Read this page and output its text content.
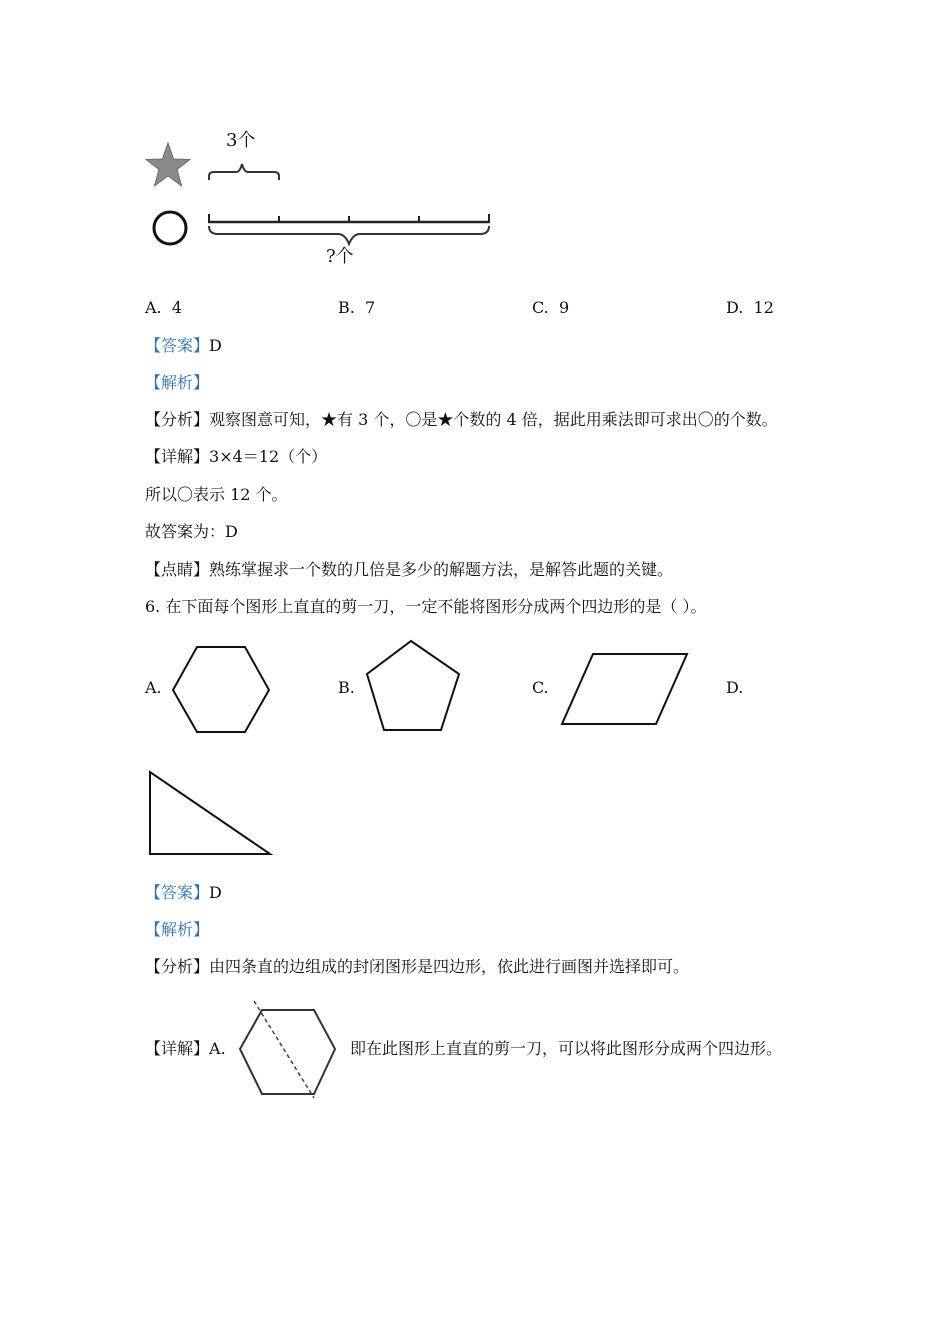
3个
?个
A. 4	B. 7	C. 9	D. 12
【答案】D
【解析】
【分析】观察图意可知，★有 3 个，〇是★个数的 4 倍，据此用乘法即可求出〇的个数。
【详解】3×4＝12（个）
所以〇表示 12 个。
故答案为：D
【点睛】熟练掌握求一个数的几倍是多少的解题方法，是解答此题的关键。
6. 在下面每个图形上直直的剪一刀，一定不能将图形分成两个四边形的是（ ）。
A.	B.	C.	D.
【答案】D
【解析】
【分析】由四条直的边组成的封闭图形是四边形，依此进行画图并选择即可。
【详解】A.	即在此图形上直直的剪一刀，可以将此图形分成两个四边形。
